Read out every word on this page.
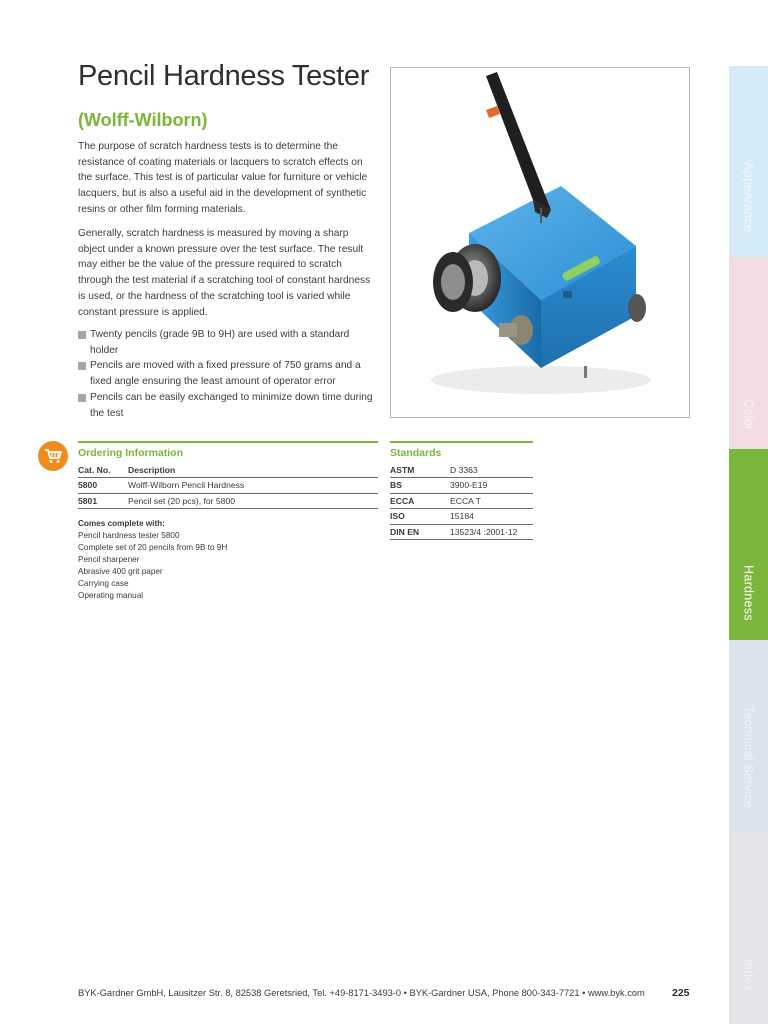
Pencil Hardness Tester
(Wolff-Wilborn)

The purpose of scratch hardness tests is to determine the resistance of coating materials or lacquers to scratch effects on the surface. This test is of particular value for furniture or vehicle lacquers, but is also a useful aid in the development of synthetic resins or other film forming materials.

Generally, scratch hardness is measured by moving a sharp object under a known pressure over the test surface. The result may either be the value of the pressure required to scratch through the test material if a scratching tool of constant hardness is used, or the hardness of the scratching tool is varied while constant pressure is applied.

Twenty pencils (grade 9B to 9H) are used with a standard holder
Pencils are moved with a fixed pressure of 750 grams and a fixed angle ensuring the least amount of operator error
Pencils can be easily exchanged to minimize down time during the test
Ordering Information	Standards
Cat. No.	Description
5800	Wolff-Wilborn Pencil Hardness
5801	Pencil set (20 pcs), for 5800
ASTM	D 3363
BS	3900-E19
ECCA	ECCA T
ISO	15184
DIN EN	13523/4 :2001-12
Comes complete with:
Pencil hardness tester 5800
Complete set of 20 pencils from 9B to 9H
Pencil sharpener
Abrasive 400 grit paper
Carrying case
Operating manual
BYK-Gardner GmbH, Lausitzer Str. 8, 82538 Geretsried, Tel. +49-8171-3493-0 • BYK-Gardner USA, Phone 800-343-7721 • www.byk.com	225
Appearance
Color
Hardness
Technical Service
Index
